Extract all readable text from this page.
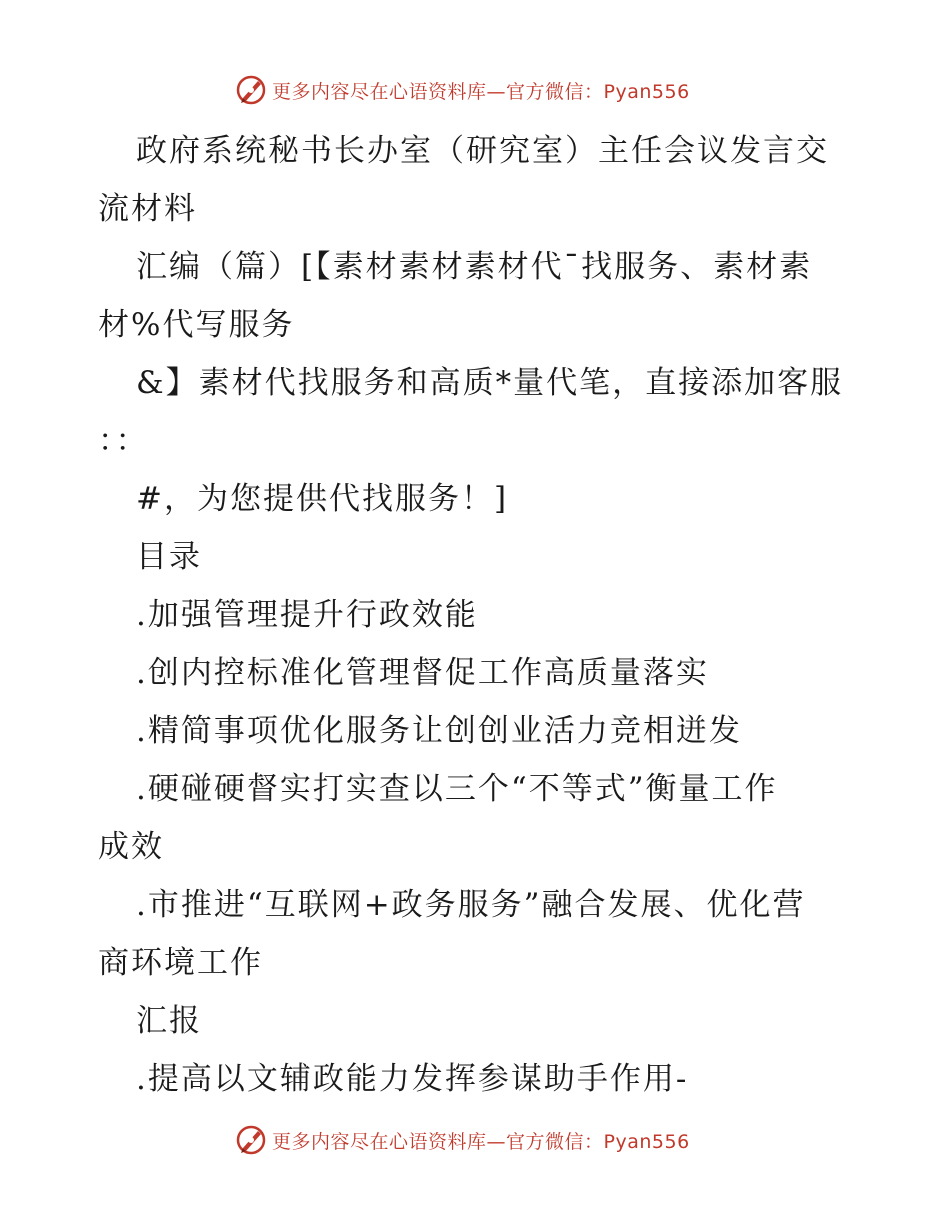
更多内容尽在心语资料库—官方微信：Pyan556
政府系统秘书长办室（研究室）主任会议发言交
流材料
汇编（篇）[【素材素材素材代¯找服务、素材素
材%代写服务
&】素材代找服务和高质*量代笔，直接添加客服
：：
#，为您提供代找服务！]
目录
.加强管理提升行政效能
.创内控标准化管理督促工作高质量落实
.精简事项优化服务让创创业活力竞相迸发
.硬碰硬督实打实查以三个“不等式”衡量工作
成效
.市推进“互联网+政务服务”融合发展、优化营
商环境工作
汇报
.提高以文辅政能力发挥参谋助手作用-
更多内容尽在心语资料库—官方微信：Pyan556
